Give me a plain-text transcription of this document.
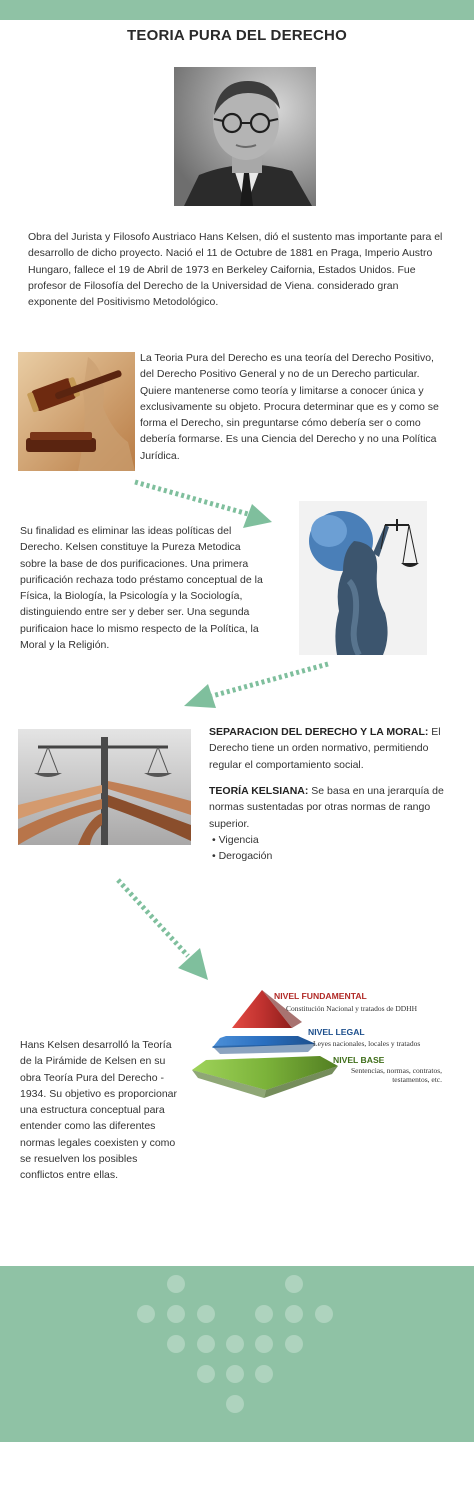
TEORIA PURA DEL DERECHO
Obra del Jurista y Filosofo Austriaco Hans Kelsen, dió el sustento mas importante para el desarrollo de dicho proyecto. Nació el 11 de Octubre de 1881 en Praga, Imperio Austro Hungaro, fallece el 19 de Abril de 1973 en Berkeley Caifornia, Estados Unidos. Fue profesor de Filosofía del Derecho de la Universidad de Viena. considerado gran exponente del Positivismo Metodológico.
La Teoria Pura del Derecho es una teoría del Derecho Positivo, del Derecho Positivo General y no de un Derecho particular. Quiere mantenerse como teoría y limitarse a conocer única y exclusivamente su objeto. Procura determinar que es y como se forma el Derecho, sin preguntarse cómo debería ser o como debería formarse. Es una Ciencia del Derecho y no una Política Jurídica.
Su finalidad es eliminar las ideas políticas del Derecho. Kelsen constituye la Pureza Metodica sobre la base de dos purificaciones. Una primera purificación rechaza todo préstamo conceptual de la Física, la Biología, la Psicología y la Sociología, distinguiendo entre ser y deber ser. Una segunda purificaion hace lo mismo respecto de la Política, la Moral y la Religión.
SEPARACION DEL DERECHO Y LA MORAL: El Derecho tiene un orden normativo, permitiendo regular el comportamiento social.
TEORÍA KELSIANA: Se basa en una jerarquía de normas sustentadas por otras normas de rango superior.
• Vigencia
• Derogación
NIVEL FUNDAMENTAL
Constitución Nacional y tratados de DDHH
NIVEL LEGAL
Leyes nacionales, locales y tratados
NIVEL BASE
Sentencias, normas, contratos,
testamentos, etc.
Hans Kelsen desarrolló la Teoría de la Pirámide de Kelsen en su obra Teoría Pura del Derecho - 1934. Su objetivo es proporcionar una estructura conceptual para entender como las diferentes normas legales coexisten y como se resuelven los posibles conflictos entre ellas.
